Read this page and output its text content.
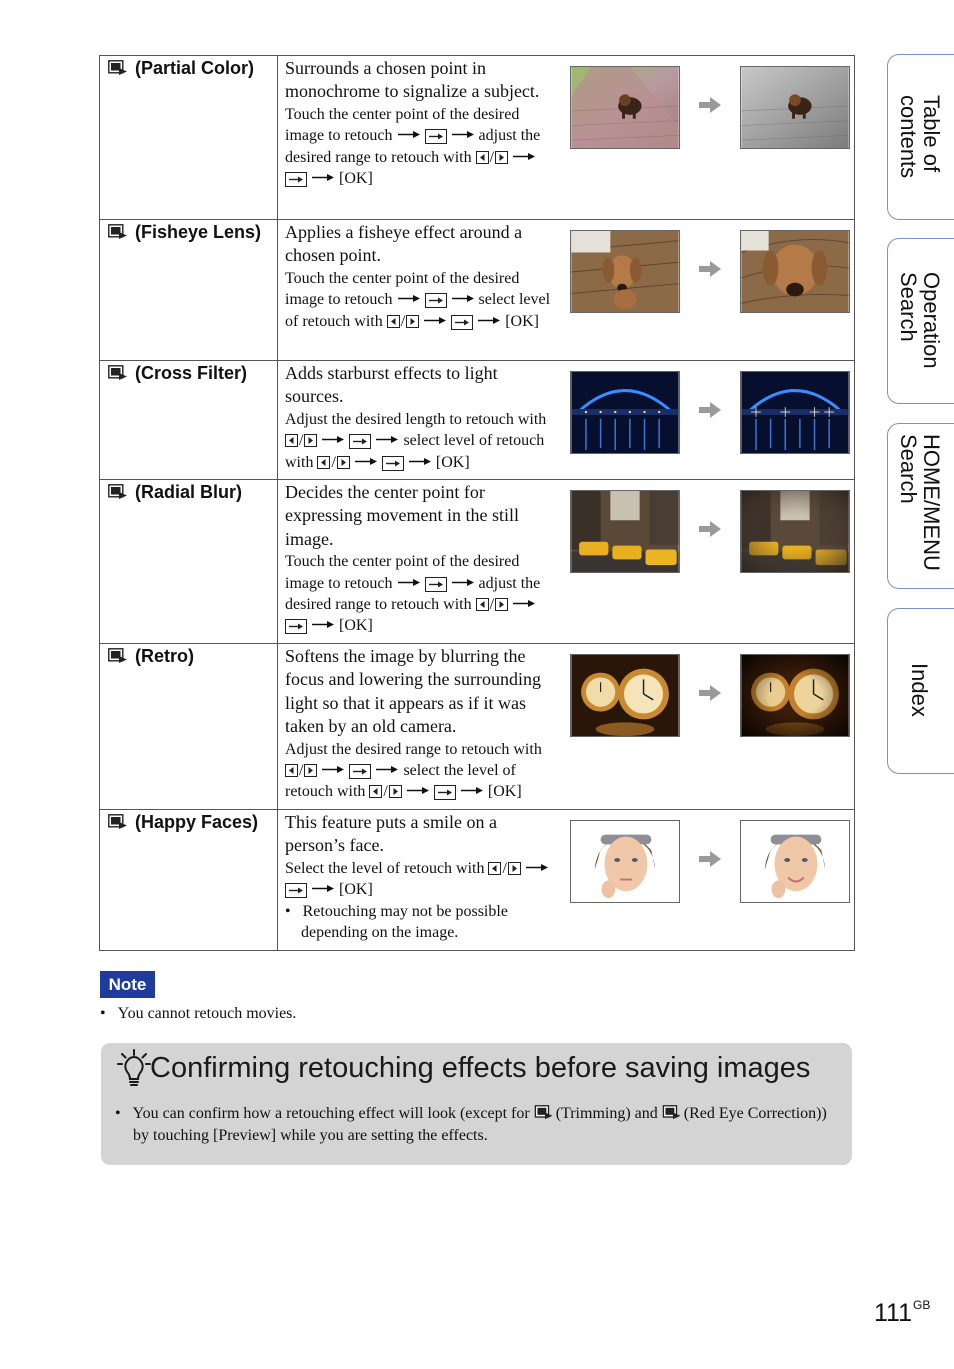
(Partial Color)	Surrounds a chosen point in monochrome to signalize a subject.
Touch the center point of the desired image to retouch adjust the desired range to retouch with /    [OK]

(Fisheye Lens)	Applies a fisheye effect around a chosen point.
Touch the center point of the desired image to retouch select level of retouch with / [OK]

(Cross Filter)	Adds starburst effects to light sources.
Adjust the desired length to retouch with / select level of retouch with / [OK]

(Radial Blur)	Decides the center point for expressing movement in the still image.
Touch the center point of the desired image to retouch adjust the desired range to retouch with /    [OK]

(Retro)	Softens the image by blurring the focus and lowering the surrounding light so that it appears as if it was taken by an old camera.
Adjust the desired range to retouch with / select the level of retouch with / [OK]

(Happy Faces)	This feature puts a smile on a person’s face.
Select the level of retouch with /    [OK]
•   Retouching may not be possible depending on the image.
Table of
contents
Operation
Search
HOME/MENU
Search
Index
Note
•   You cannot retouch movies.
Confirming retouching effects before saving images
•   You can confirm how a retouching effect will look (except for (Trimming) and (Red Eye Correction)) by touching [Preview] while you are setting the effects.
$111^{GB}$
